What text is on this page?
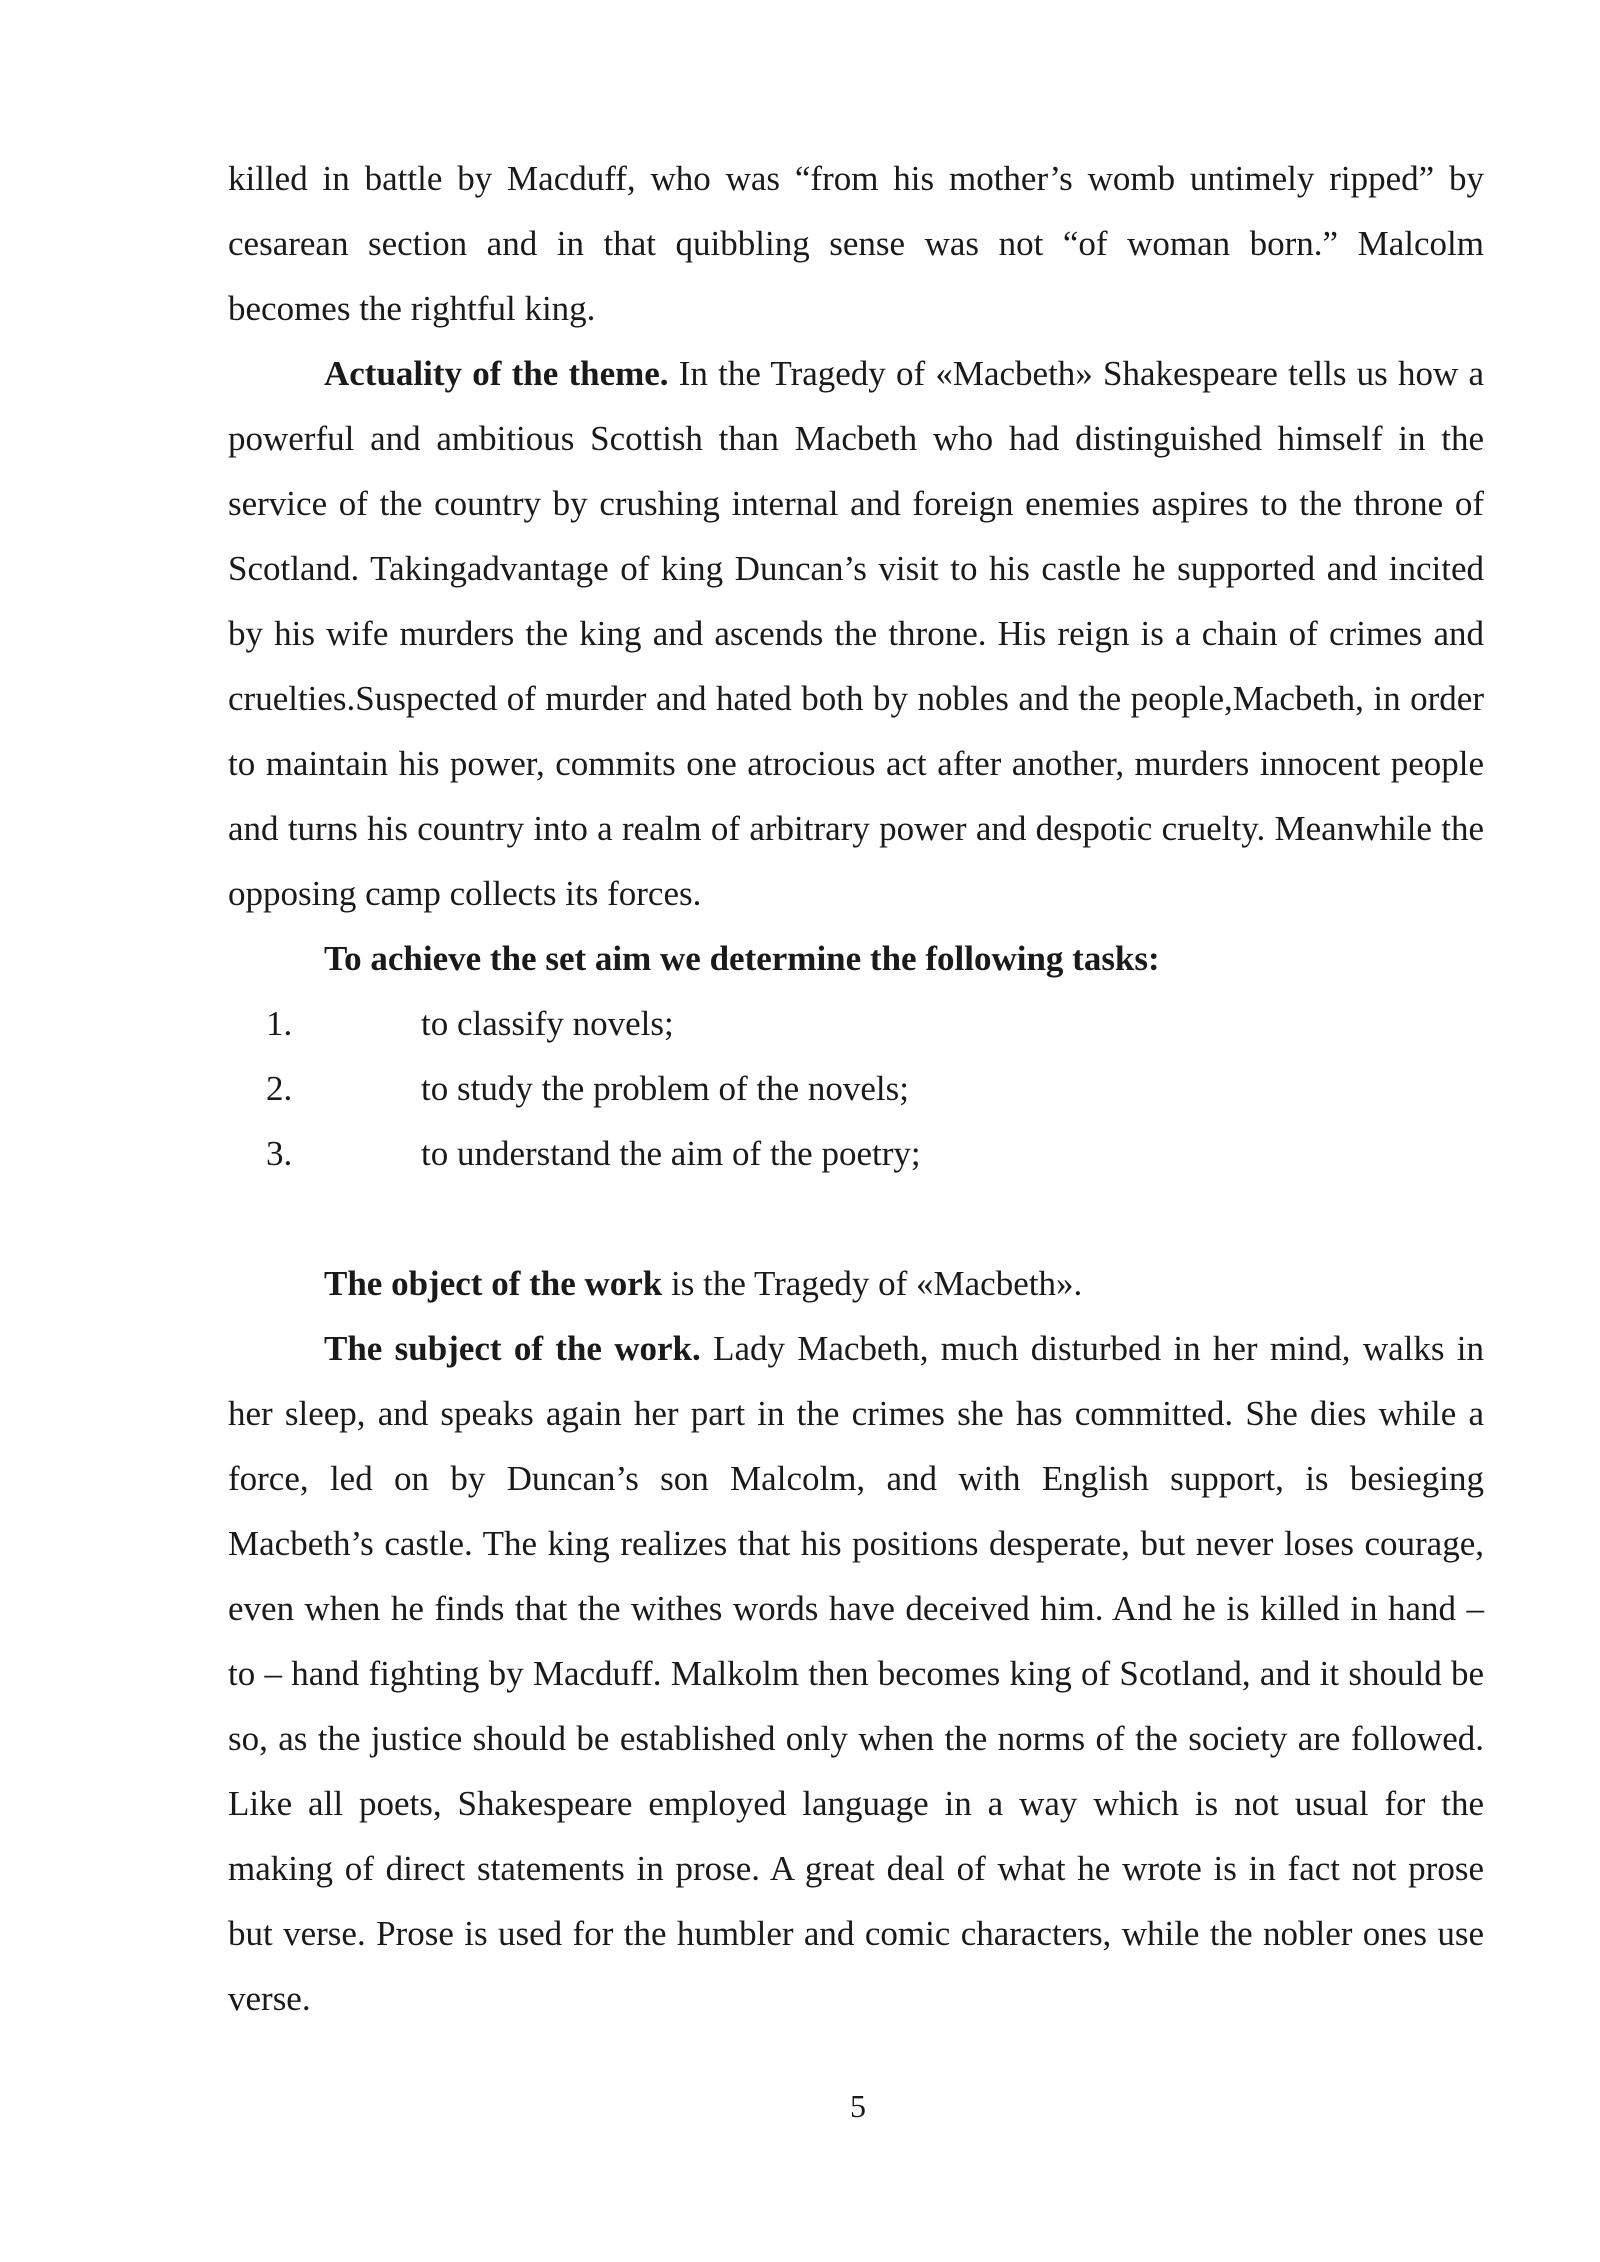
killed in battle by Macduff, who was “from his mother’s womb untimely ripped” by cesarean section and in that quibbling sense was not “of woman born.” Malcolm becomes the rightful king.

Actuality of the theme. In the Tragedy of «Macbeth» Shakespeare tells us how a powerful and ambitious Scottish than Macbeth who had distinguished himself in the service of the country by crushing internal and foreign enemies aspires to the throne of Scotland. Takingadvantage of king Duncan’s visit to his castle he supported and incited by his wife murders the king and ascends the throne. His reign is a chain of crimes and cruelties.Suspected of murder and hated both by nobles and the people,Macbeth, in order to maintain his power, commits one atrocious act after another, murders innocent people and turns his country into a realm of arbitrary power and despotic cruelty. Meanwhile the opposing camp collects its forces.

To achieve the set aim we determine the following tasks:

1.	to classify novels;
2.	to study the problem of the novels;
3.	to understand the aim of the poetry;

The object of the work is the Tragedy of «Macbeth».

The subject of the work. Lady Macbeth, much disturbed in her mind, walks in her sleep, and speaks again her part in the crimes she has committed. She dies while a force, led on by Duncan’s son Malcolm, and with English support, is besieging Macbeth’s castle. The king realizes that his positions desperate, but never loses courage, even when he finds that the withes words have deceived him. And he is killed in hand – to – hand fighting by Macduff. Malkolm then becomes king of Scotland, and it should be so, as the justice should be established only when the norms of the society are followed. Like all poets, Shakespeare employed language in a way which is not usual for the making of direct statements in prose. A great deal of what he wrote is in fact not prose but verse. Prose is used for the humbler and comic characters, while the nobler ones use verse.

5
